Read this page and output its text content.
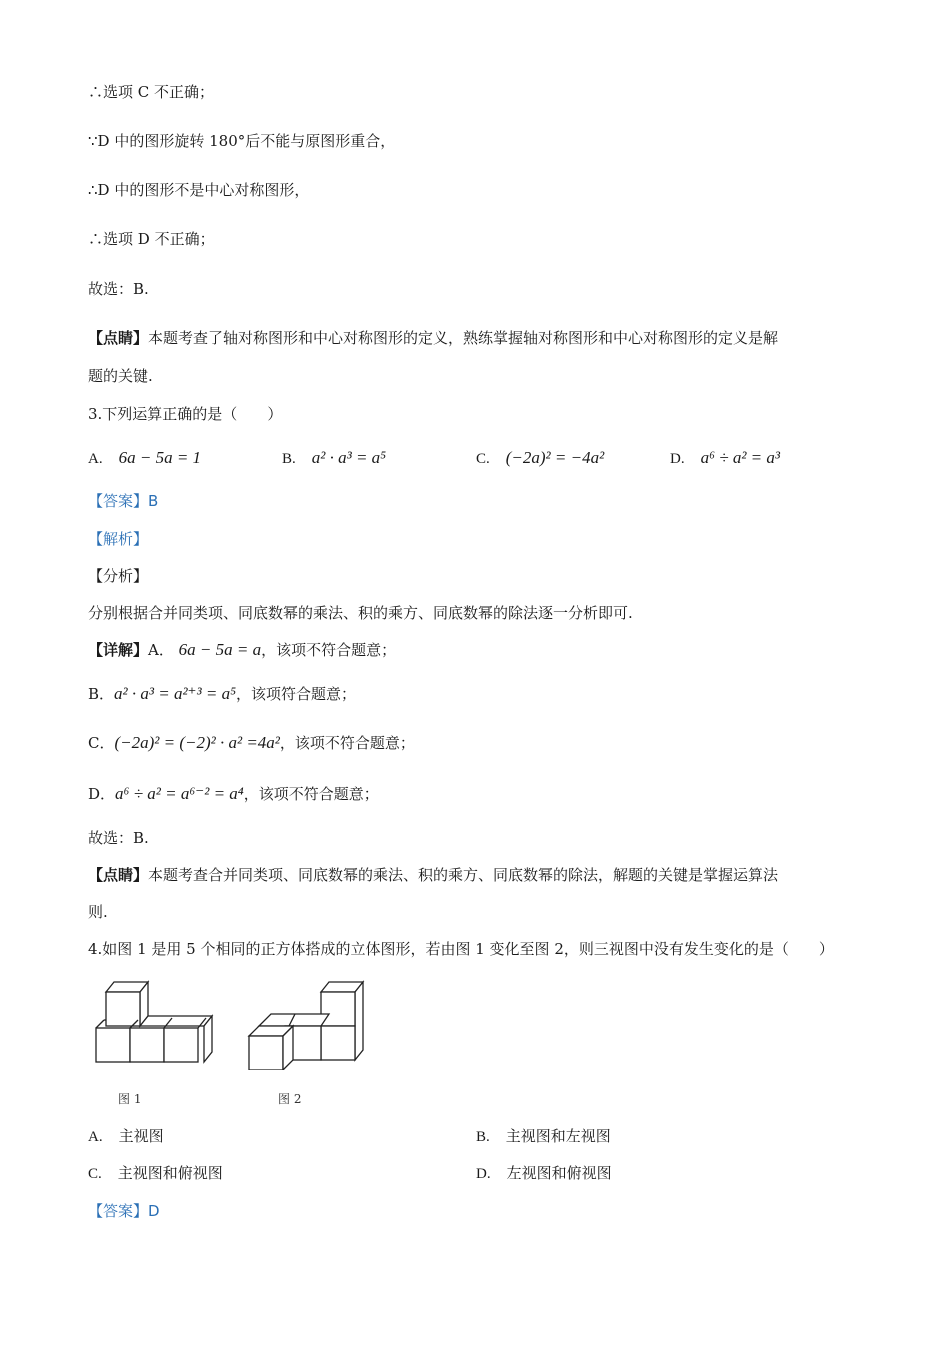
∴选项 C 不正确；
∵D 中的图形旋转 180°后不能与原图形重合，
∴D 中的图形不是中心对称图形，
∴选项 D 不正确；
故选：B.
【点睛】本题考查了轴对称图形和中心对称图形的定义，熟练掌握轴对称图形和中心对称图形的定义是解
题的关键.
3.下列运算正确的是（　　）
A. 6a − 5a = 1	B. a² · a³ = a⁵	C. (−2a)² = −4a²	D. a⁶ ÷ a² = a³
【答案】B
【解析】
【分析】
分别根据合并同类项、同底数幂的乘法、积的乘方、同底数幂的除法逐一分析即可.
【详解】A． 6a − 5a = a，该项不符合题意；
B．a² · a³ = a²⁺³ = a⁵，该项符合题意；
C．(−2a)² = (−2)² · a² =4a²，该项不符合题意；
D．a⁶ ÷ a² = a⁶⁻² = a⁴，该项不符合题意；
故选：B.
【点睛】本题考查合并同类项、同底数幂的乘法、积的乘方、同底数幂的除法，解题的关键是掌握运算法
则.
4.如图 1 是用 5 个相同的正方体搭成的立体图形，若由图 1 变化至图 2，则三视图中没有发生变化的是（　　）
图 1	图 2
A. 主视图	B. 主视图和左视图
C. 主视图和俯视图	D. 左视图和俯视图
【答案】D
